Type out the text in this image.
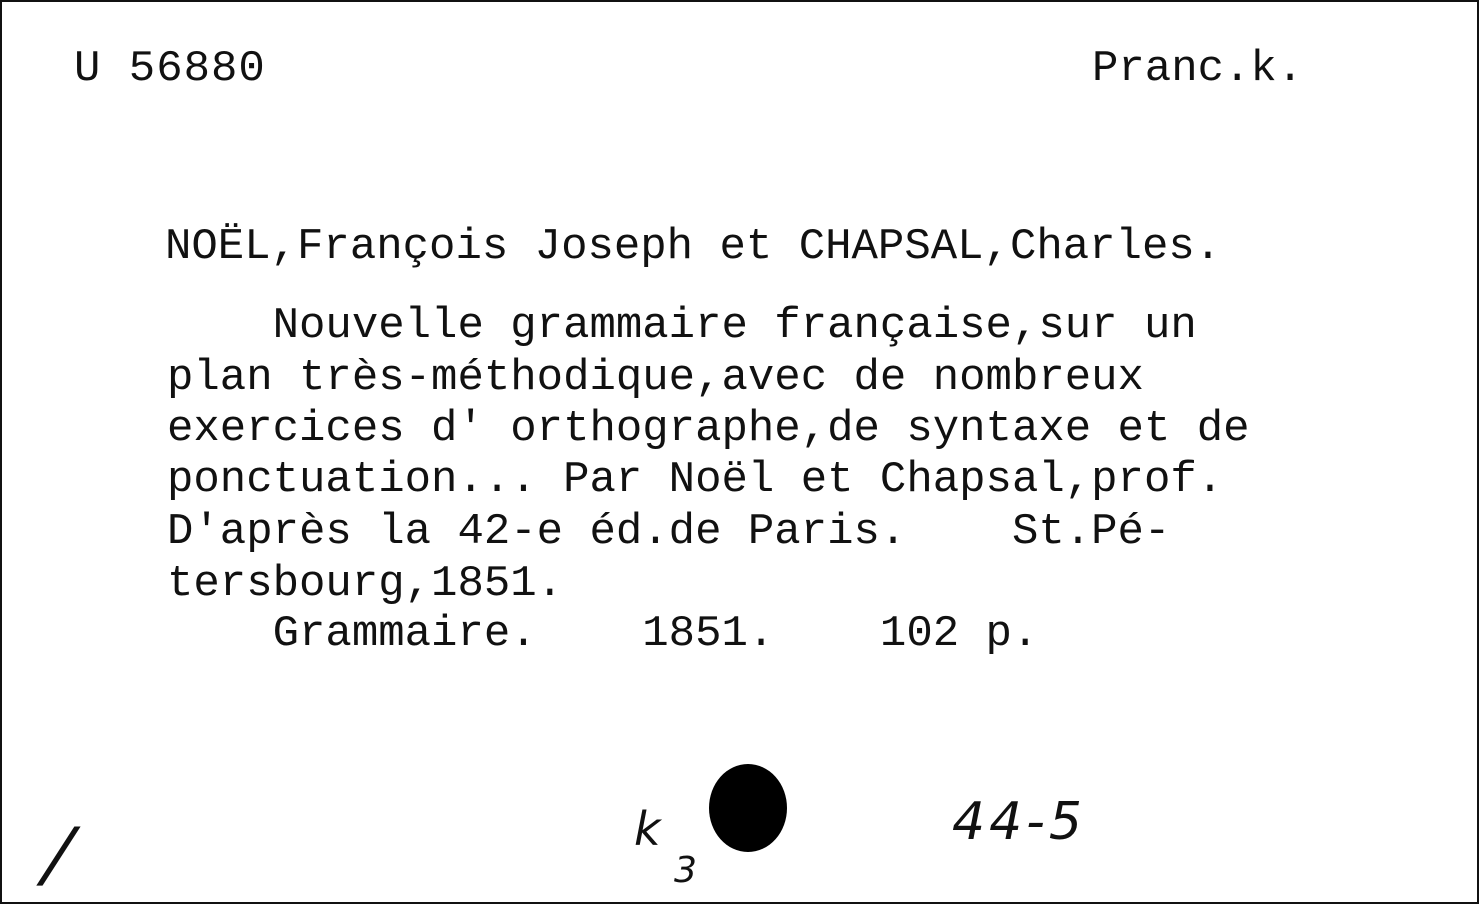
U 56880	Pranc.k.
NOËL,François Joseph et CHAPSAL,Charles.
Nouvelle grammaire française,sur un
plan très-méthodique,avec de nombreux
exercices d' orthographe,de syntaxe et de
ponctuation... Par Noël et Chapsal,prof.
D'après la 42-e éd.de Paris.    St.Pé-
tersbourg,1851.
Grammaire.    1851.    102 p.
/	k
3
44-5
